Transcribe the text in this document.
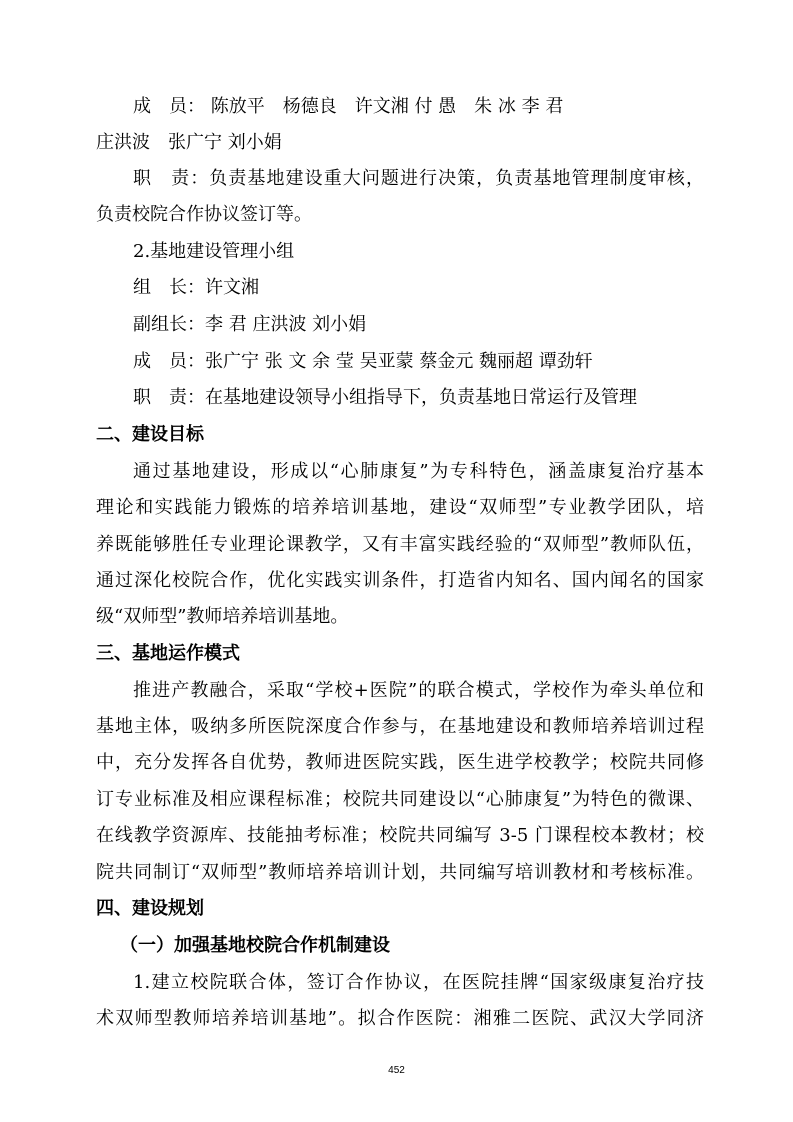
成　员： 陈放平　杨德良　许文湘 付 愚　朱 冰 李 君
庄洪波　张广宁 刘小娟
职　责：负责基地建设重大问题进行决策，负责基地管理制度审核，
负责校院合作协议签订等。
2.基地建设管理小组
组　长：许文湘
副组长：李 君 庄洪波 刘小娟
成　员：张广宁 张 文 余 莹 吴亚蒙 蔡金元 魏丽超 谭劲轩
职　责：在基地建设领导小组指导下，负责基地日常运行及管理
二、建设目标
通过基地建设，形成以“心肺康复”为专科特色，涵盖康复治疗基本
理论和实践能力锻炼的培养培训基地，建设“双师型”专业教学团队，培
养既能够胜任专业理论课教学，又有丰富实践经验的“双师型”教师队伍，
通过深化校院合作，优化实践实训条件，打造省内知名、国内闻名的国家
级“双师型”教师培养培训基地。
三、基地运作模式
推进产教融合，采取“学校+医院”的联合模式，学校作为牵头单位和
基地主体，吸纳多所医院深度合作参与，在基地建设和教师培养培训过程
中，充分发挥各自优势，教师进医院实践，医生进学校教学；校院共同修
订专业标准及相应课程标准；校院共同建设以“心肺康复”为特色的微课、
在线教学资源库、技能抽考标准；校院共同编写 3-5 门课程校本教材；校
院共同制订“双师型”教师培养培训计划，共同编写培训教材和考核标准。
四、建设规划
（一）加强基地校院合作机制建设
1.建立校院联合体，签订合作协议，在医院挂牌“国家级康复治疗技
术双师型教师培养培训基地”。拟合作医院：湘雅二医院、武汉大学同济
452
